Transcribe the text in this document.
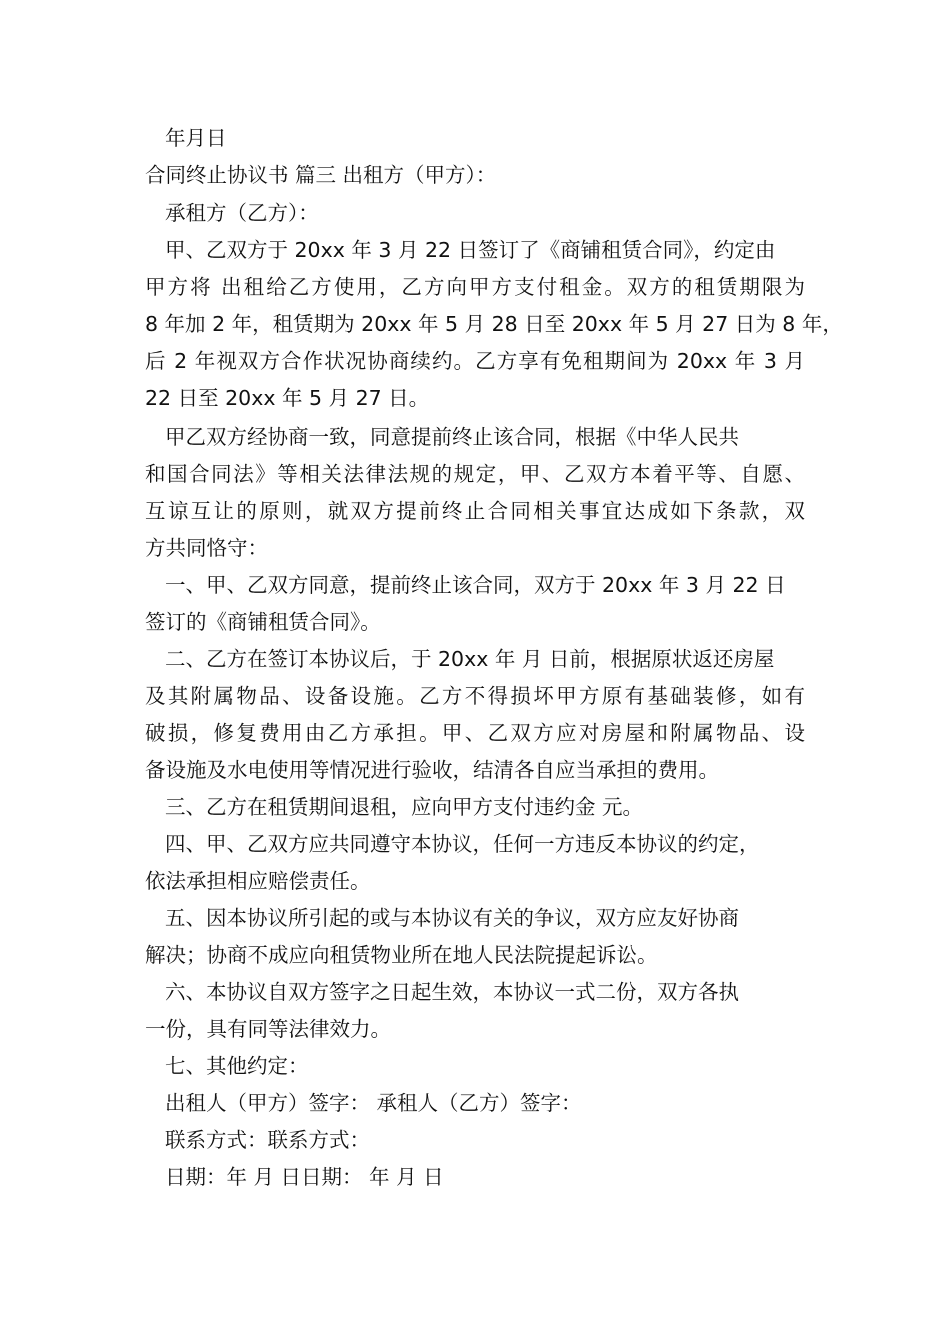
年月日
合同终止协议书 篇三 出租方（甲方）：
承租方（乙方）：
甲、乙双方于 20xx 年 3 月 22 日签订了《商铺租赁合同》，约定由
甲方将 出租给乙方使用，乙方向甲方支付租金。双方的租赁期限为
8 年加 2 年，租赁期为 20xx 年 5 月 28 日至 20xx 年 5 月 27 日为 8 年，
后 2 年视双方合作状况协商续约。乙方享有免租期间为 20xx 年 3 月
22 日至 20xx 年 5 月 27 日。
甲乙双方经协商一致，同意提前终止该合同，根据《中华人民共
和国合同法》等相关法律法规的规定，甲、乙双方本着平等、自愿、
互谅互让的原则，就双方提前终止合同相关事宜达成如下条款，双
方共同恪守：
一、甲、乙双方同意，提前终止该合同，双方于 20xx 年 3 月 22 日
签订的《商铺租赁合同》。
二、乙方在签订本协议后，于 20xx 年 月 日前，根据原状返还房屋
及其附属物品、设备设施。乙方不得损坏甲方原有基础装修，如有
破损，修复费用由乙方承担。甲、乙双方应对房屋和附属物品、设
备设施及水电使用等情况进行验收，结清各自应当承担的费用。
三、乙方在租赁期间退租，应向甲方支付违约金 元。
四、甲、乙双方应共同遵守本协议，任何一方违反本协议的约定，
依法承担相应赔偿责任。
五、因本协议所引起的或与本协议有关的争议，双方应友好协商
解决；协商不成应向租赁物业所在地人民法院提起诉讼。
六、本协议自双方签字之日起生效，本协议一式二份，双方各执
一份，具有同等法律效力。
七、其他约定：
出租人（甲方）签字： 承租人（乙方）签字：
联系方式：联系方式：
日期：年 月 日日期： 年 月 日
